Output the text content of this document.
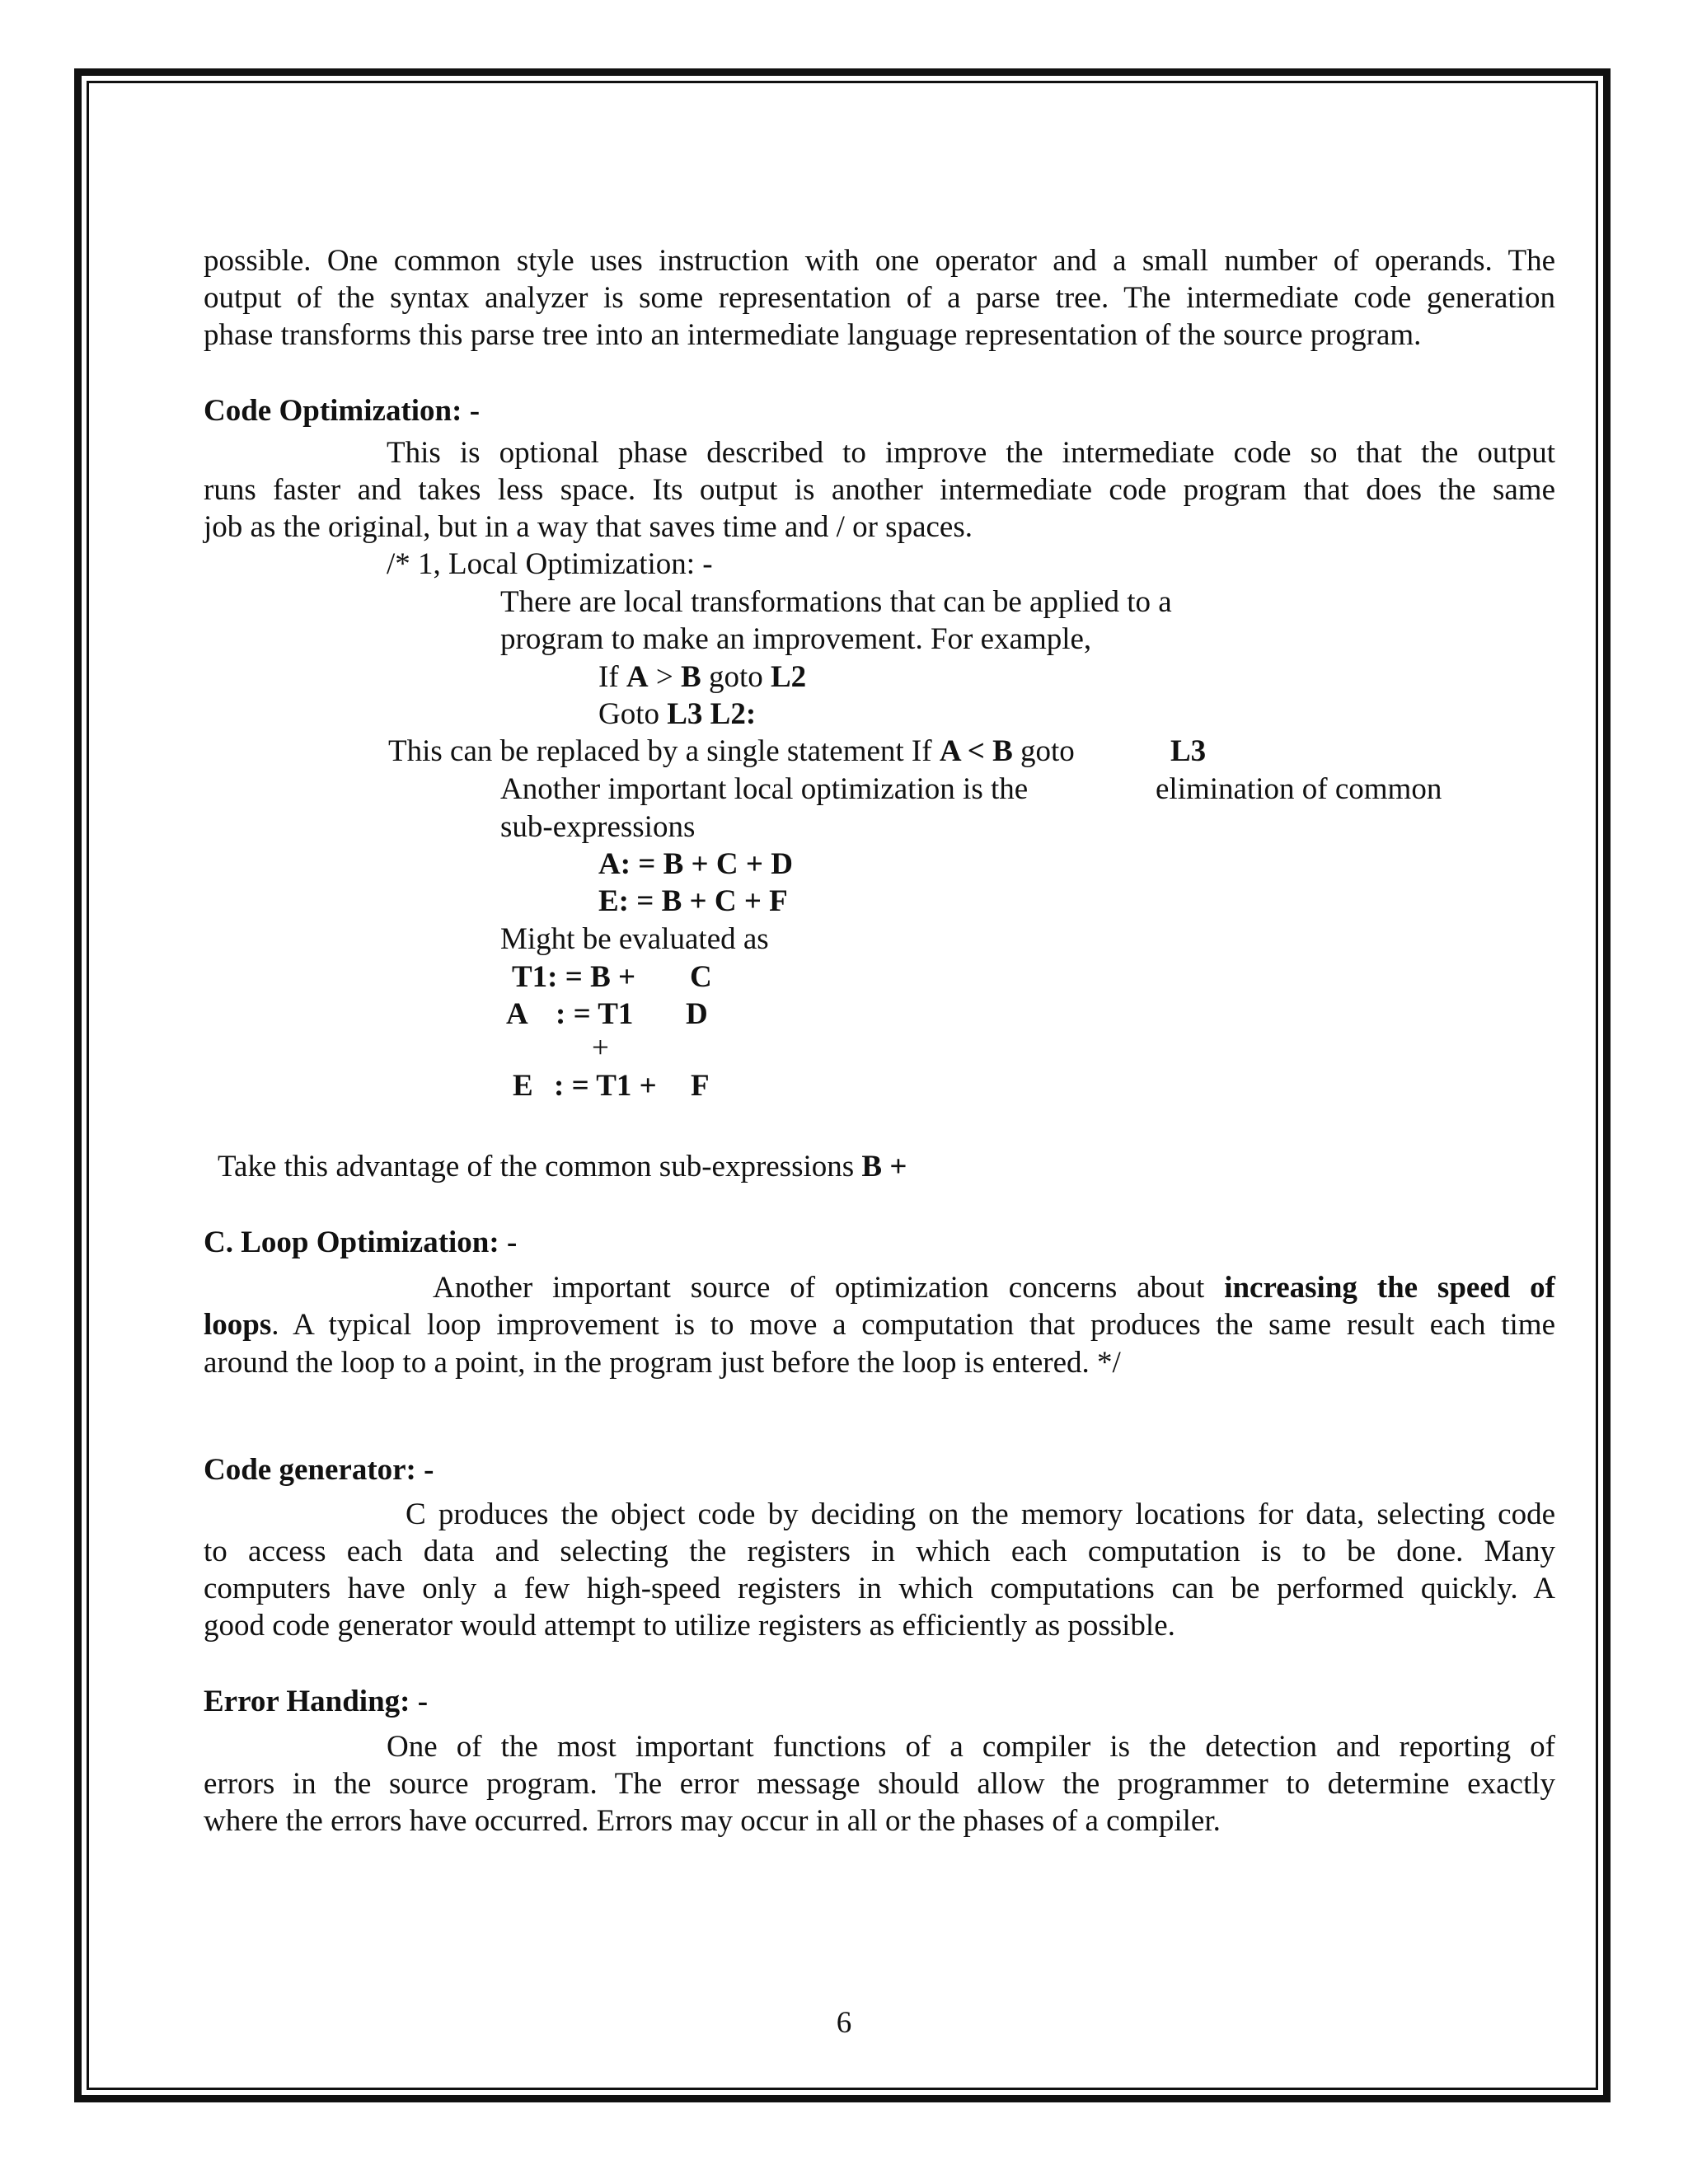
possible. One common style uses instruction with one operator and a small number of operands. The

output of the syntax analyzer is some representation of a parse tree. The intermediate code generation

phase transforms this parse tree into an intermediate language representation of the source program.

Code Optimization: -

This is optional phase described to improve the intermediate code so that the output

runs faster and takes less space. Its output is another intermediate code program that does the same

job as the original, but in a way that saves time and / or spaces.

/* 1, Local Optimization: -

There are local transformations that can be applied to a

program to make an improvement. For example,

If A > B goto L2

Goto L3 L2:

This can be replaced by a single statement If A < B goto	L3

Another important local optimization is the	elimination of common

sub-expressions

A: = B + C + D

E: = B + C + F

Might be evaluated as

T1: = B + C

A : = T1 D

+

E : = T1 + F

Take this advantage of the common sub-expressions B +

C. Loop Optimization: -

Another important source of optimization concerns about increasing the speed of

loops. A typical loop improvement is to move a computation that produces the same result each time

around the loop to a point, in the program just before the loop is entered. */

Code generator: -

C produces the object code by deciding on the memory locations for data, selecting code

to access each data and selecting the registers in which each computation is to be done. Many

computers have only a few high-speed registers in which computations can be performed quickly. A

good code generator would attempt to utilize registers as efficiently as possible.

Error Handing: -

One of the most important functions of a compiler is the detection and reporting of

errors in the source program. The error message should allow the programmer to determine exactly

where the errors have occurred. Errors may occur in all or the phases of a compiler.

6
